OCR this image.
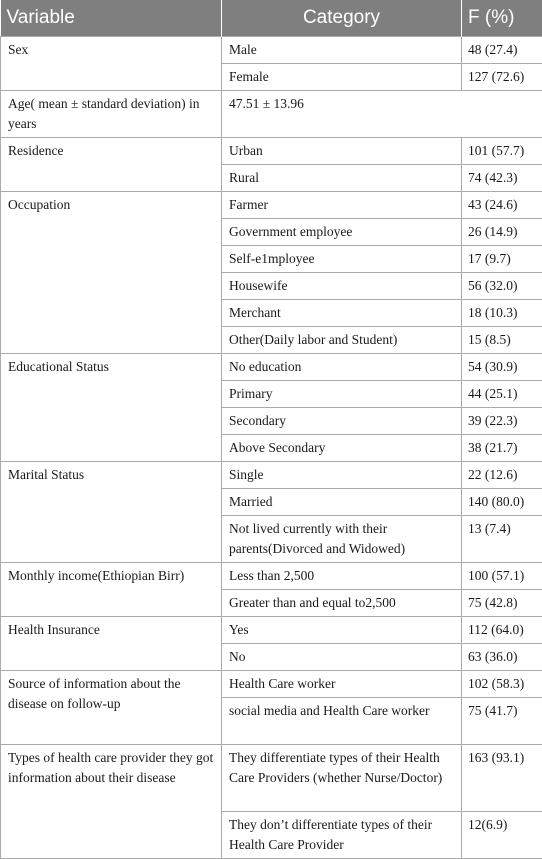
Variable	Category	F (%)
Sex	Male	48 (27.4)
	Female	127 (72.6)
Age( mean ± standard deviation) in years	47.51 ± 13.96	
Residence	Urban	101 (57.7)
	Rural	74 (42.3)
Occupation	Farmer	43 (24.6)
	Government employee	26 (14.9)
	Self-e1mployee	17 (9.7)
	Housewife	56 (32.0)
	Merchant	18 (10.3)
	Other(Daily labor and Student)	15 (8.5)
Educational Status	No education	54 (30.9)
	Primary	44 (25.1)
	Secondary	39 (22.3)
	Above Secondary	38 (21.7)
Marital Status	Single	22 (12.6)
	Married	140 (80.0)
	Not lived currently with their parents(Divorced and Widowed)	13 (7.4)
Monthly income(Ethiopian Birr)	Less than 2,500	100 (57.1)
	Greater than and equal to2,500	75 (42.8)
Health Insurance	Yes	112 (64.0)
	No	63 (36.0)
Source of information about the disease on follow-up	Health Care worker	102 (58.3)
	social media and Health Care worker	75 (41.7)
Types of health care provider they got information about their disease	They differentiate types of their Health Care Providers (whether Nurse/Doctor)	163 (93.1)
	They don’t differentiate types of their Health Care Provider	12(6.9)
